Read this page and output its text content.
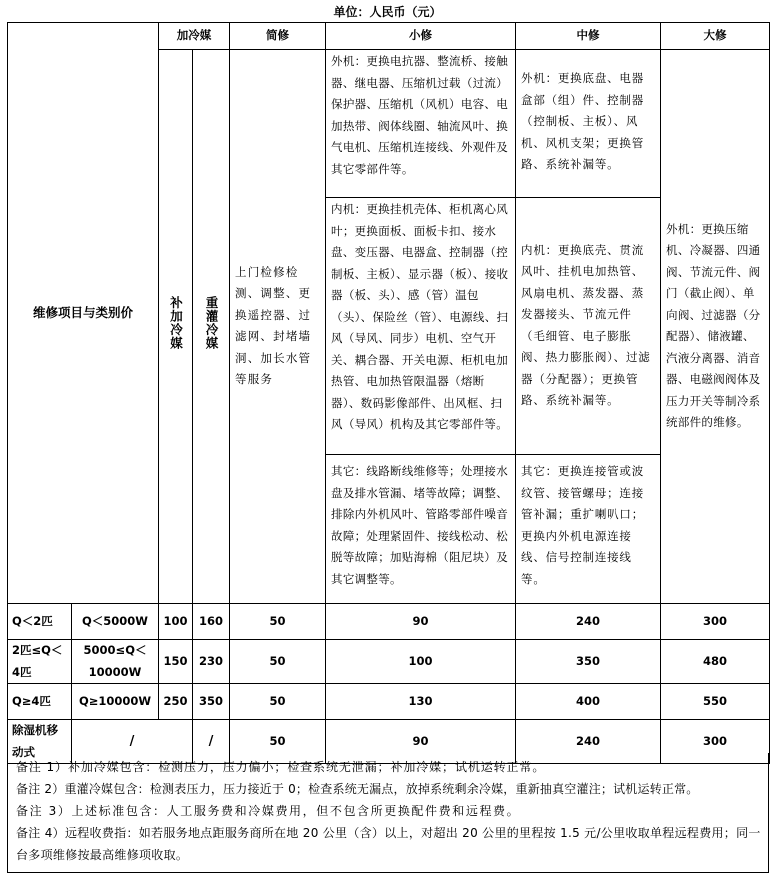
单位：人民币（元）
维修项目与类别价		加冷媒		简修	小修	中修	大修
		补加冷媒	重灌冷媒	上门检修检测、调整、更换遥控器、过滤网、封堵墙洞、加长水管等服务	外机：更换电抗器、整流桥、接触器、继电器、压缩机过载（过流）保护器、压缩机（风机）电容、电加热带、阀体线圈、轴流风叶、换气电机、压缩机连接线、外观件及其它零部件等。	外机：更换底盘、电器盒部（组）件、控制器（控制板、主板）、风机、风机支架；更换管路、系统补漏等。	外机：更换压缩机、冷凝器、四通阀、节流元件、阀门（截止阀）、单向阀、过滤器（分配器）、储液罐、汽液分离器、消音器、电磁阀阀体及压力开关等制冷系统部件的维修。
					内机：更换挂机壳体、柜机离心风叶；更换面板、面板卡扣、接水盘、变压器、电器盒、控制器（控制板、主板）、显示器（板）、接收器（板、头）、感（管）温包（头）、保险丝（管）、电源线、扫风（导风、同步）电机、空气开关、耦合器、开关电源、柜机电加热管、电加热管限温器（熔断器）、数码影像部件、出风框、扫风（导风）机构及其它零部件等。		
						内机：更换底壳、贯流风叶、挂机电加热管、风扇电机、蒸发器、蒸发器接头、节流元件（毛细管、电子膨胀阀、热力膨胀阀）、过滤器（分配器）；更换管路、系统补漏等。	
					其它：线路断线维修等；处理接水盘及排水管漏、堵等故障；调整、排除内外机风叶、管路零部件噪音故障；处理紧固件、接线松动、松脱等故障；加贴海棉（阻尼块）及其它调整等。	其它：更换连接管或波纹管、接管螺母；连接管补漏；重扩喇叭口；更换内外机电源连接线、信号控制连接线等。	
Q＜2匹	Q＜5000W	100	160	50	90	240	300
2匹≤Q＜4匹	5000≤Q＜10000W	150	230	50	100	350	480
Q≥4匹	Q≥10000W	250	350	50	130	400	550
除湿机移动式	/		/	50	90	240	300
备注 1）补加冷媒包含：检测压力，压力偏小；检查系统无泄漏；补加冷媒；试机运转正常。
备注 2）重灌冷媒包含：检测表压力，压力接近于 0；检查系统无漏点，放掉系统剩余冷媒，重新抽真空灌注；试机运转正常。
备注 3）上述标准包含：人工服务费和冷媒费用，但不包含所更换配件费和远程费。
备注 4）远程收费指：如若服务地点距服务商所在地 20 公里（含）以上，对超出 20 公里的里程按 1.5 元/公里收取单程远程费用；同一台多项维修按最高维修项收取。
